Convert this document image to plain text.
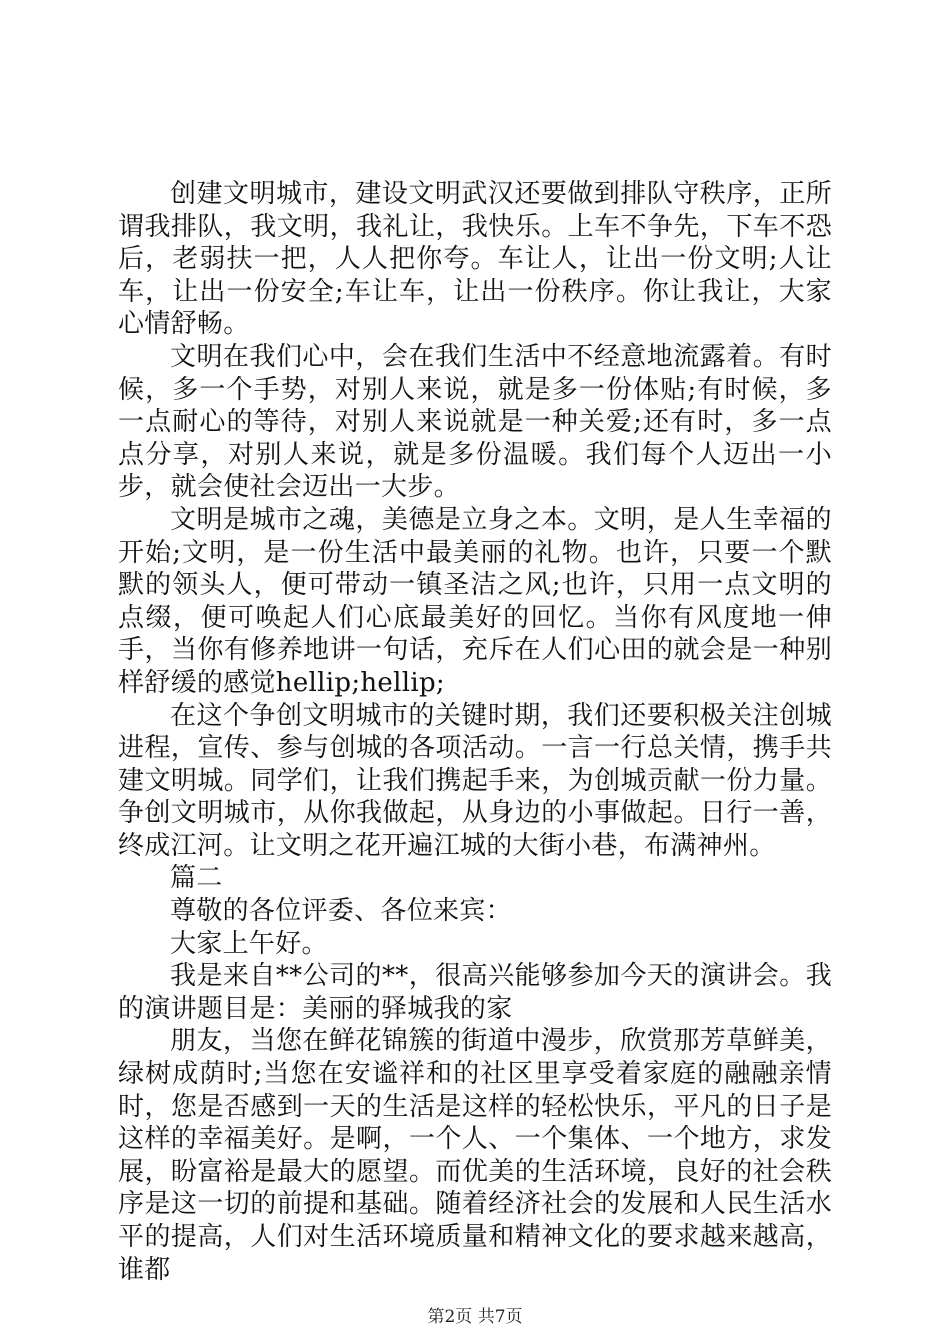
创建文明城市，建设文明武汉还要做到排队守秩序，正所谓我排队，我文明，我礼让，我快乐。上车不争先，下车不恐后，老弱扶一把，人人把你夸。车让人，让出一份文明;人让车，让出一份安全;车让车，让出一份秩序。你让我让，大家心情舒畅。

文明在我们心中，会在我们生活中不经意地流露着。有时候，多一个手势，对别人来说，就是多一份体贴;有时候，多一点耐心的等待，对别人来说就是一种关爱;还有时，多一点点分享，对别人来说，就是多份温暖。我们每个人迈出一小步，就会使社会迈出一大步。

文明是城市之魂，美德是立身之本。文明，是人生幸福的开始;文明，是一份生活中最美丽的礼物。也许，只要一个默默的领头人，便可带动一镇圣洁之风;也许，只用一点文明的点缀，便可唤起人们心底最美好的回忆。当你有风度地一伸手，当你有修养地讲一句话，充斥在人们心田的就会是一种别样舒缓的感觉hellip;hellip;

在这个争创文明城市的关键时期，我们还要积极关注创城进程，宣传、参与创城的各项活动。一言一行总关情，携手共建文明城。同学们，让我们携起手来，为创城贡献一份力量。争创文明城市，从你我做起，从身边的小事做起。日行一善，终成江河。让文明之花开遍江城的大街小巷，布满神州。

篇二

尊敬的各位评委、各位来宾：

大家上午好。

我是来自**公司的**，很高兴能够参加今天的演讲会。我的演讲题目是：美丽的驿城我的家

朋友，当您在鲜花锦簇的街道中漫步，欣赏那芳草鲜美，绿树成荫时;当您在安谧祥和的社区里享受着家庭的融融亲情时，您是否感到一天的生活是这样的轻松快乐，平凡的日子是这样的幸福美好。是啊，一个人、一个集体、一个地方，求发展，盼富裕是最大的愿望。而优美的生活环境，良好的社会秩序是这一切的前提和基础。随着经济社会的发展和人民生活水平的提高，人们对生活环境质量和精神文化的要求越来越高，谁都

第2页 共7页
